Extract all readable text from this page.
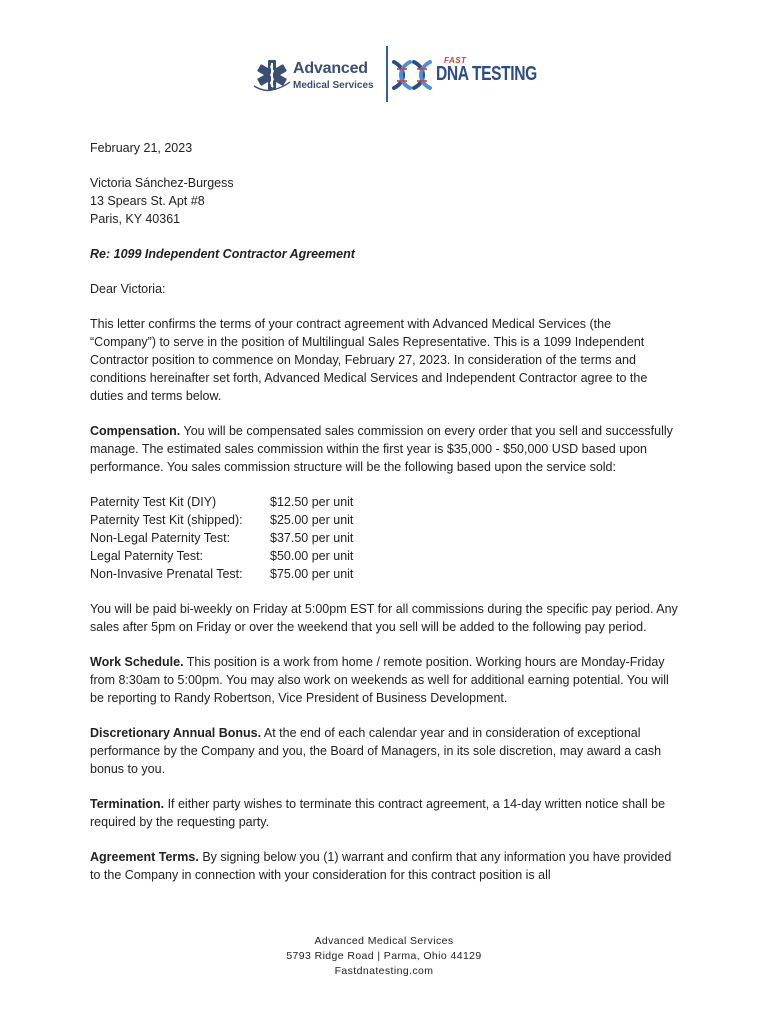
Advanced
Medical Services
FAST
DNA TESTING

February 21, 2023

Victoria Sánchez-Burgess

13 Spears St. Apt #8

Paris, KY 40361

Re: 1099 Independent Contractor Agreement

Dear Victoria:

This letter confirms the terms of your contract agreement with Advanced Medical Services (the “Company”) to serve in the position of Multilingual Sales Representative. This is a 1099 Independent Contractor position to commence on Monday, February 27, 2023. In consideration of the terms and conditions hereinafter set forth, Advanced Medical Services and Independent Contractor agree to the duties and terms below.

Compensation. You will be compensated sales commission on every order that you sell and successfully manage. The estimated sales commission within the first year is $35,000 - $50,000 USD based upon performance. You sales commission structure will be the following based upon the service sold:

Paternity Test Kit (DIY)	$12.50 per unit
Paternity Test Kit (shipped):	$25.00 per unit
Non-Legal Paternity Test:	$37.50 per unit
Legal Paternity Test:	$50.00 per unit
Non-Invasive Prenatal Test:	$75.00 per unit

You will be paid bi-weekly on Friday at 5:00pm EST for all commissions during the specific pay period. Any sales after 5pm on Friday or over the weekend that you sell will be added to the following pay period.

Work Schedule. This position is a work from home / remote position. Working hours are Monday-Friday from 8:30am to 5:00pm. You may also work on weekends as well for additional earning potential. You will be reporting to Randy Robertson, Vice President of Business Development.

Discretionary Annual Bonus. At the end of each calendar year and in consideration of exceptional performance by the Company and you, the Board of Managers, in its sole discretion, may award a cash bonus to you.

Termination. If either party wishes to terminate this contract agreement, a 14-day written notice shall be required by the requesting party.

Agreement Terms. By signing below you (1) warrant and confirm that any information you have provided to the Company in connection with your consideration for this contract position is all

Advanced Medical Services
5793 Ridge Road | Parma, Ohio 44129
Fastdnatesting.com
